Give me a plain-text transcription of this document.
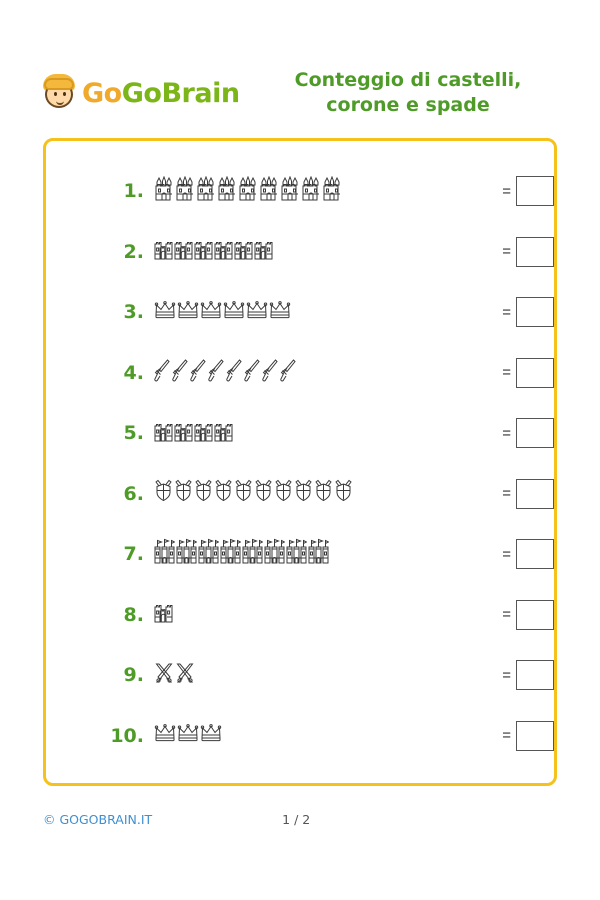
GoGoBrain	Conteggio di castelli,
corone e spade
1.	=
2.	=
3.	=
4.	=
5.	=
6.	=
7.	=
8.	=
9.	=
10.	=
© GOGOBRAIN.IT	1 / 2
